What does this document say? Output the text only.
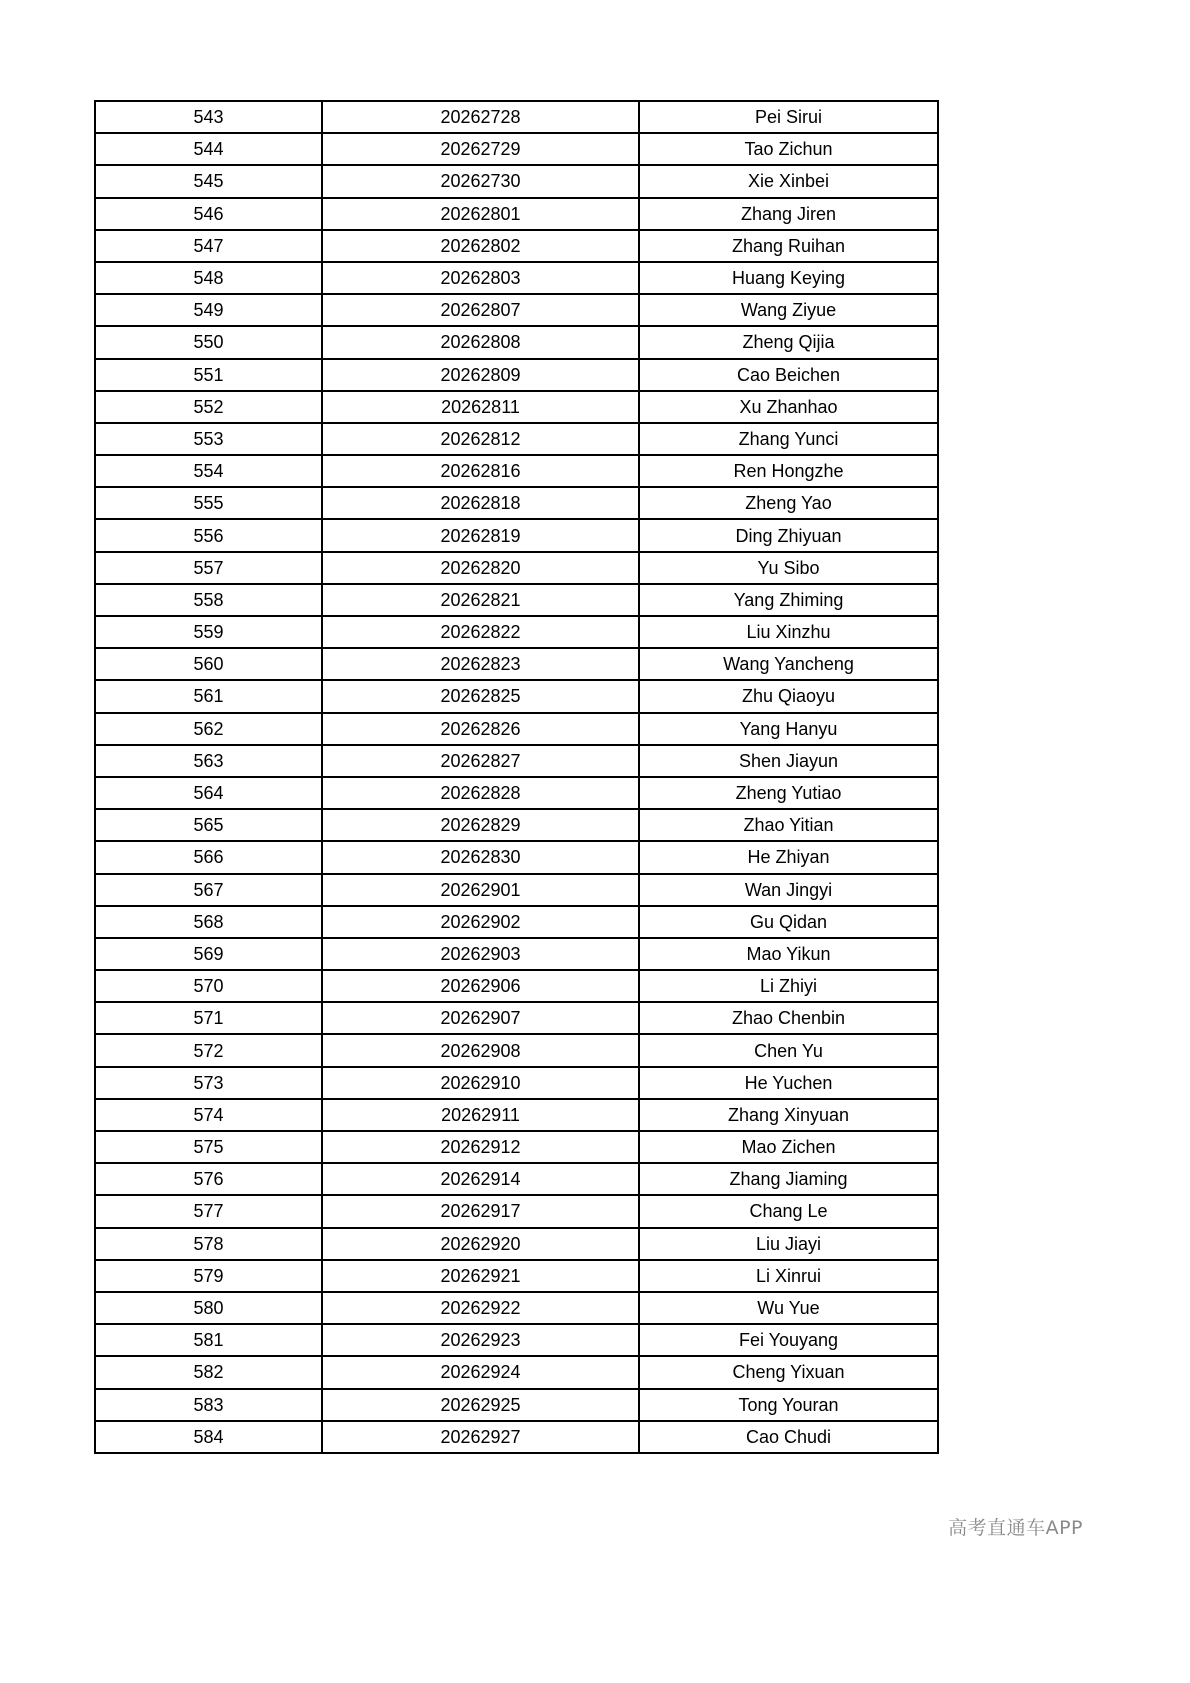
543	20262728	Pei Sirui
544	20262729	Tao Zichun
545	20262730	Xie Xinbei
546	20262801	Zhang Jiren
547	20262802	Zhang Ruihan
548	20262803	Huang Keying
549	20262807	Wang Ziyue
550	20262808	Zheng Qijia
551	20262809	Cao Beichen
552	20262811	Xu Zhanhao
553	20262812	Zhang Yunci
554	20262816	Ren Hongzhe
555	20262818	Zheng Yao
556	20262819	Ding Zhiyuan
557	20262820	Yu Sibo
558	20262821	Yang Zhiming
559	20262822	Liu Xinzhu
560	20262823	Wang Yancheng
561	20262825	Zhu Qiaoyu
562	20262826	Yang Hanyu
563	20262827	Shen Jiayun
564	20262828	Zheng Yutiao
565	20262829	Zhao Yitian
566	20262830	He Zhiyan
567	20262901	Wan Jingyi
568	20262902	Gu Qidan
569	20262903	Mao Yikun
570	20262906	Li Zhiyi
571	20262907	Zhao Chenbin
572	20262908	Chen Yu
573	20262910	He Yuchen
574	20262911	Zhang Xinyuan
575	20262912	Mao Zichen
576	20262914	Zhang Jiaming
577	20262917	Chang Le
578	20262920	Liu Jiayi
579	20262921	Li Xinrui
580	20262922	Wu Yue
581	20262923	Fei Youyang
582	20262924	Cheng Yixuan
583	20262925	Tong Youran
584	20262927	Cao Chudi
高考直通车APP
